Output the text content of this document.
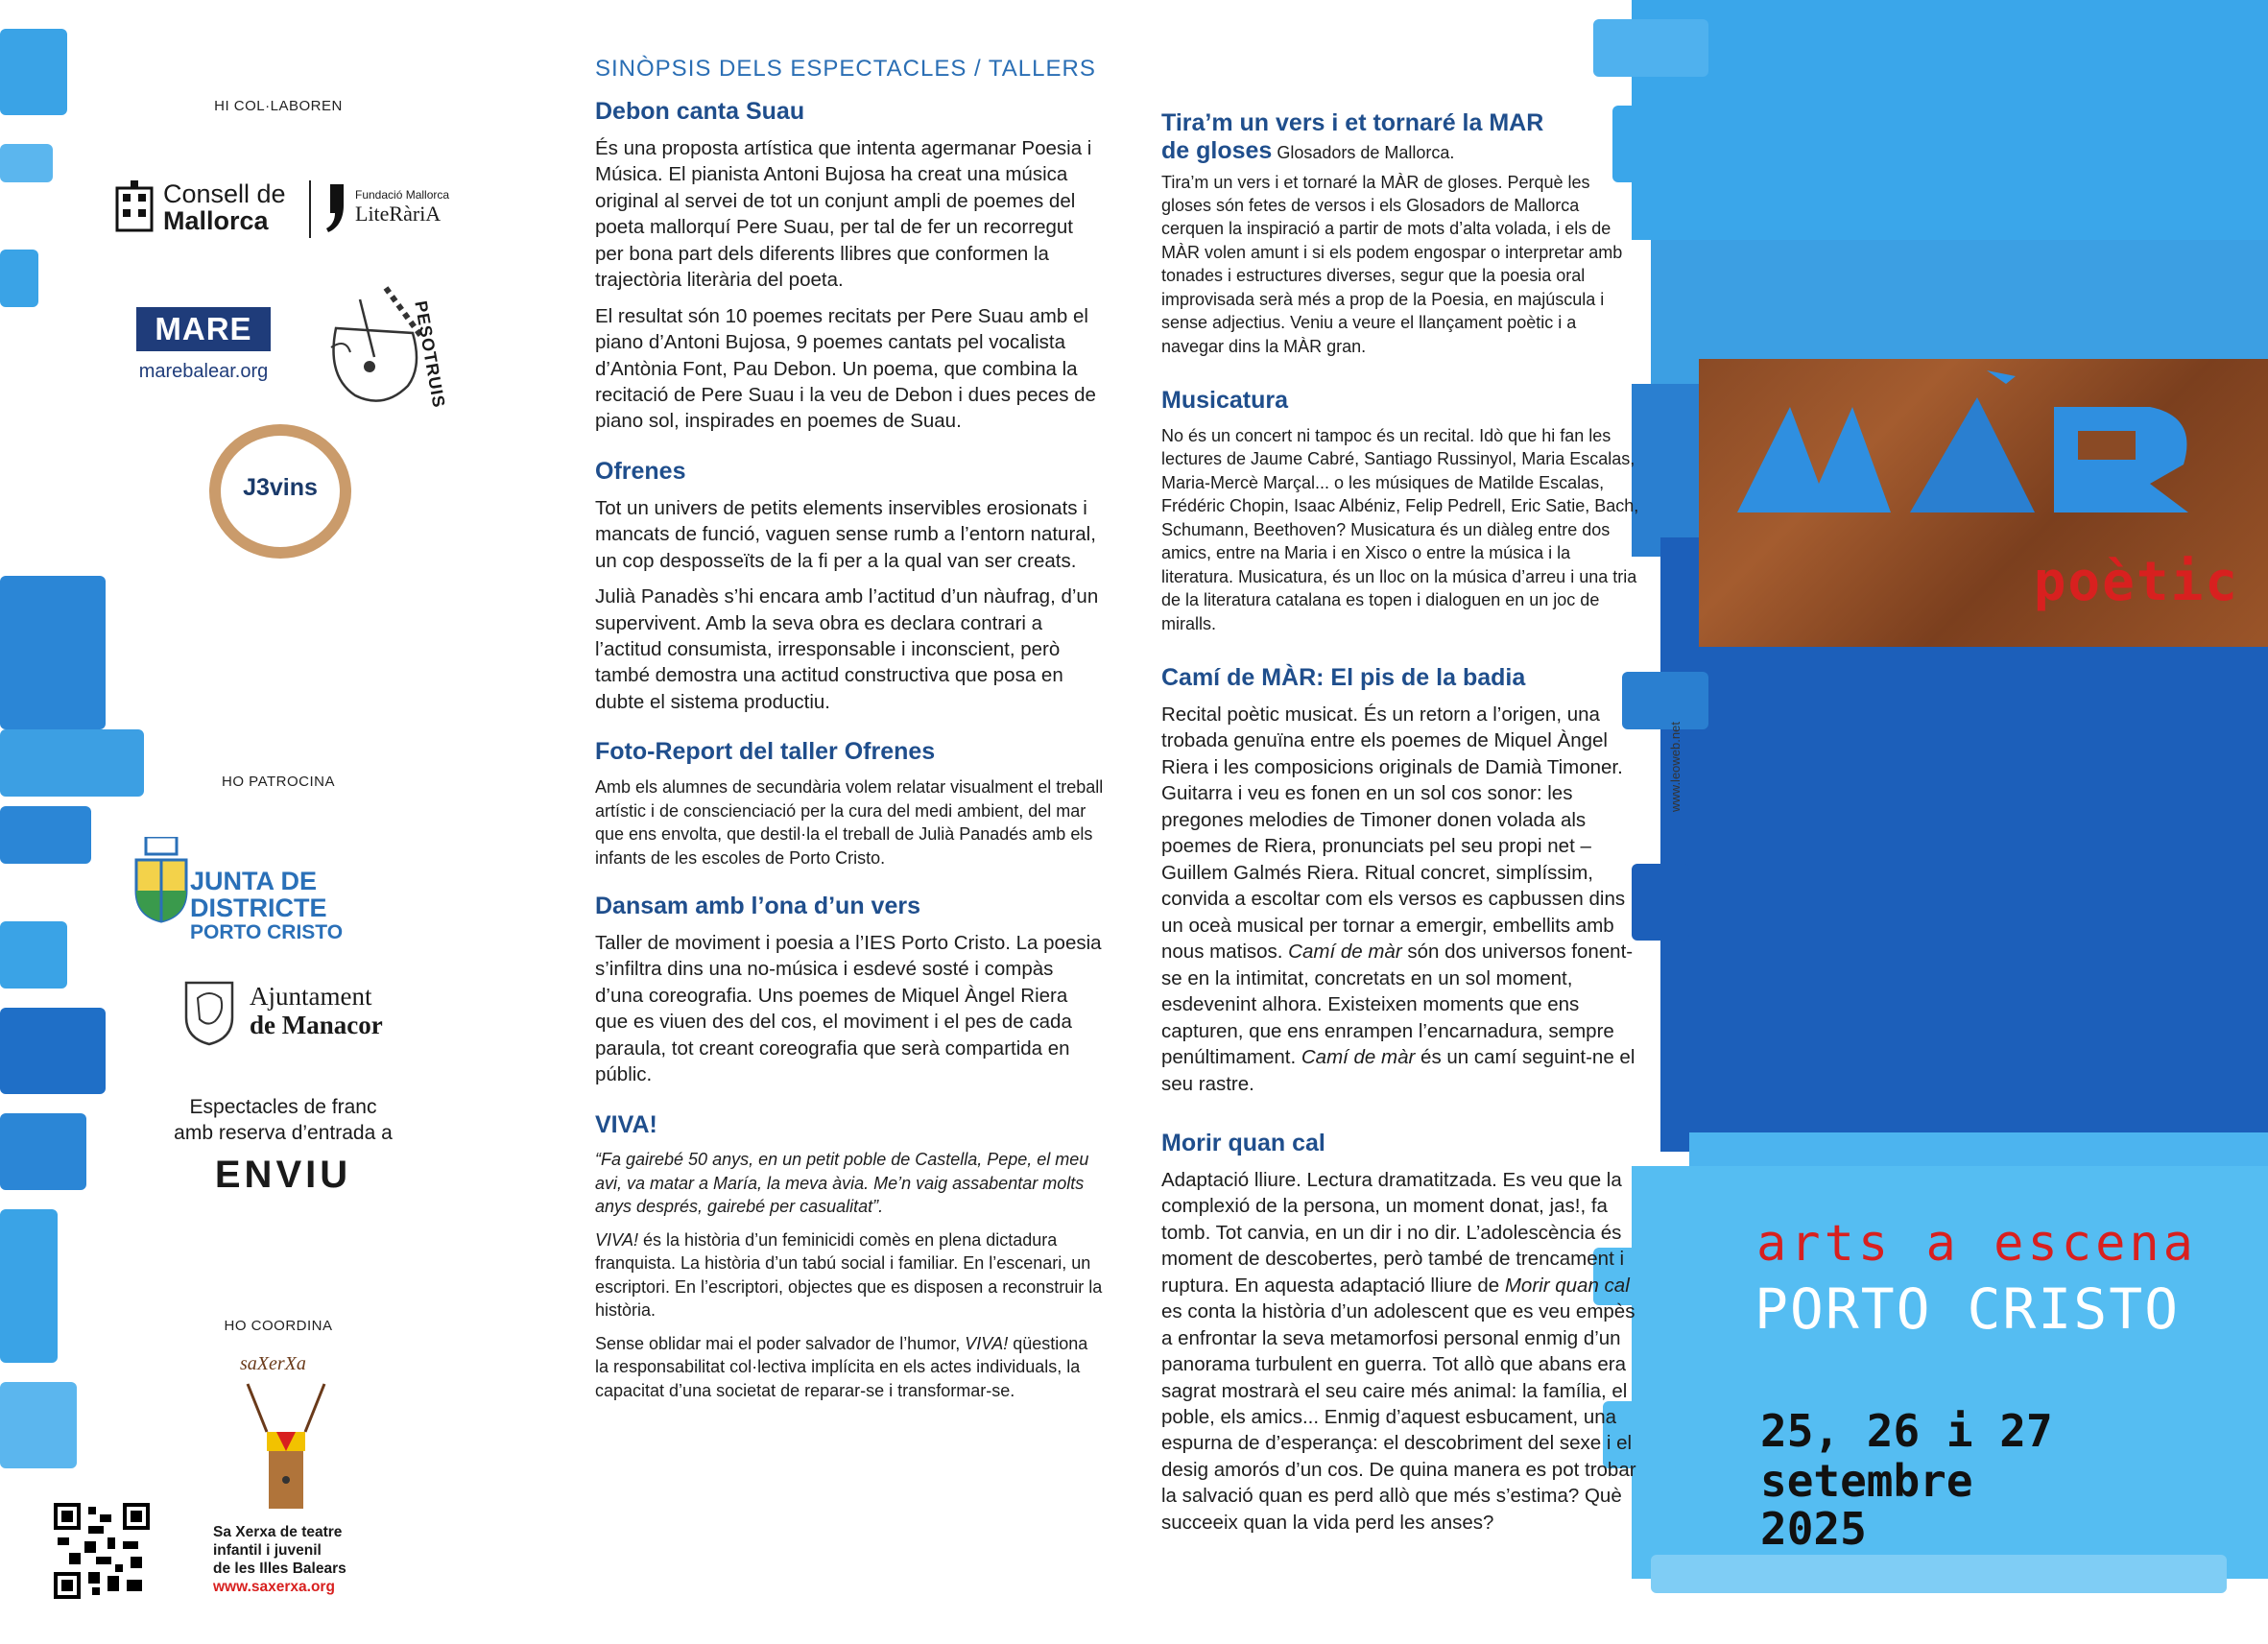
HI COL·LABOREN
Consell de
Mallorca
Fundació Mallorca
LiteRàriA
MARE
marebalear.org	PESOTRUIS
J3vins
HO PATROCINA
JUNTA DE DISTRICTE
PORTO CRISTO
Ajuntament
de Manacor
Espectacles de franc
amb reserva d’entrada a
ENVIU
HO COORDINA
saXerXa
Sa Xerxa de teatre
infantil i juvenil
de les Illes Balears
www.saxerxa.org
SINÒPSIS DELS ESPECTACLES / TALLERS
Debon canta Suau

És una proposta artística que intenta agermanar Poesia i Música. El pianista Antoni Bujosa ha creat una música original al servei de tot un conjunt ampli de poemes del poeta mallorquí Pere Suau, per tal de fer un recorregut per bona part dels diferents llibres que conformen la trajectòria literària del poeta.

El resultat són 10 poemes recitats per Pere Suau amb el piano d’Antoni Bujosa, 9 poemes cantats pel vocalista d’Antònia Font, Pau Debon. Un poema, que combina la recitació de Pere Suau i la veu de Debon i dues peces de piano sol, inspirades en poemes de Suau.

Ofrenes

Tot un univers de petits elements inservibles erosionats i mancats de funció, vaguen sense rumb a l’entorn natural, un cop desposseïts de la fi per a la qual van ser creats.

Julià Panadès s’hi encara amb l’actitud d’un nàufrag, d’un supervivent. Amb la seva obra es declara contrari a l’actitud consumista, irresponsable i inconscient, però també demostra una actitud constructiva que posa en dubte el sistema productiu.

Foto-Report del taller Ofrenes

Amb els alumnes de secundària volem relatar visualment el treball artístic i de conscienciació per la cura del medi ambient, del mar que ens envolta, que destil·la el treball de Julià Panadés amb els infants de les escoles de Porto Cristo.

Dansam amb l’ona d’un vers

Taller de moviment i poesia a l’IES Porto Cristo. La poesia s’infiltra dins una no-música i esdevé sosté i compàs d’una coreografia. Uns poemes de Miquel Àngel Riera que es viuen des del cos, el moviment i el pes de cada paraula, tot creant coreografia que serà compartida en públic.

VIVA!

“Fa gairebé 50 anys, en un petit poble de Castella, Pepe, el meu avi, va matar a María, la meva àvia. Me’n vaig assabentar molts anys després, gairebé per casualitat”.

VIVA! és la història d’un feminicidi comès en plena dictadura franquista. La història d’un tabú social i familiar. En l’escenari, un escriptori. En l’escriptori, objectes que es disposen a reconstruir la història.

Sense oblidar mai el poder salvador de l’humor, VIVA! qüestiona la responsabilitat col·lectiva implícita en els actes individuals, la capacitat d’una societat de reparar-se i transformar-se.

Tira’m un vers i et tornaré la MAR
de gloses Glosadors de Mallorca.

Tira’m un vers i et tornaré la MÀR de gloses. Perquè les gloses són fetes de versos i els Glosadors de Mallorca cerquen la inspiració a partir de mots d’alta volada, i els de MÀR volen amunt i si els podem engospar o interpretar amb tonades i estructures diverses, segur que la poesia oral improvisada serà més a prop de la Poesia, en majúscula i sense adjectius. Veniu a veure el llançament poètic i a navegar dins la MÀR gran.

Musicatura

No és un concert ni tampoc és un recital. Idò que hi fan les lectures de Jaume Cabré, Santiago Russinyol, Maria Escalas, Maria-Mercè Marçal... o les músiques de Matilde Escalas, Frédéric Chopin, Isaac Albéniz, Felip Pedrell, Eric Satie, Bach, Schumann, Beethoven? Musicatura és un diàleg entre dos amics, entre na Maria i en Xisco o entre la música i la literatura. Musicatura, és un lloc on la música d’arreu i una tria de la literatura catalana es topen i dialoguen en un joc de miralls.

Camí de MÀR: El pis de la badia

Recital poètic musicat. És un retorn a l’origen, una trobada genuïna entre els poemes de Miquel Àngel Riera i les composicions originals de Damià Timoner. Guitarra i veu es fonen en un sol cos sonor: les pregones melodies de Timoner donen volada als poemes de Riera, pronunciats pel seu propi net –Guillem Galmés Riera. Ritual concret, simplíssim, convida a escoltar com els versos es capbussen dins un oceà musical per tornar a emergir, embellits amb nous matisos. Camí de màr són dos universos fonent-se en la intimitat, concretats en un sol moment, esdevenint alhora. Existeixen moments que ens capturen, que ens enrampen l’encarnadura, sempre penúltimament. Camí de màr és un camí seguint-ne el seu rastre.

Morir quan cal

Adaptació lliure. Lectura dramatitzada. Es veu que la complexió de la persona, un moment donat, jas!, fa tomb. Tot canvia, en un dir i no dir. L’adolescència és moment de descobertes, però també de trencament i ruptura. En aquesta adaptació lliure de Morir quan cal es conta la història d’un adolescent que es veu empès a enfrontar la seva metamorfosi personal enmig d’un panorama turbulent en guerra. Tot allò que abans era sagrat mostrarà el seu caire més animal: la família, el poble, els amics... Enmig d’aquest esbucament, una espurna de d’esperança: el descobriment del sexe i el desig amorós d’un cos. De quina manera es pot trobar la salvació quan es perd allò que més s’estima? Què succeeix quan la vida perd les anses?

www.leoweb.net
poètic
arts a escena
PORTO CRISTO
25, 26 i 27
setembre
2025
